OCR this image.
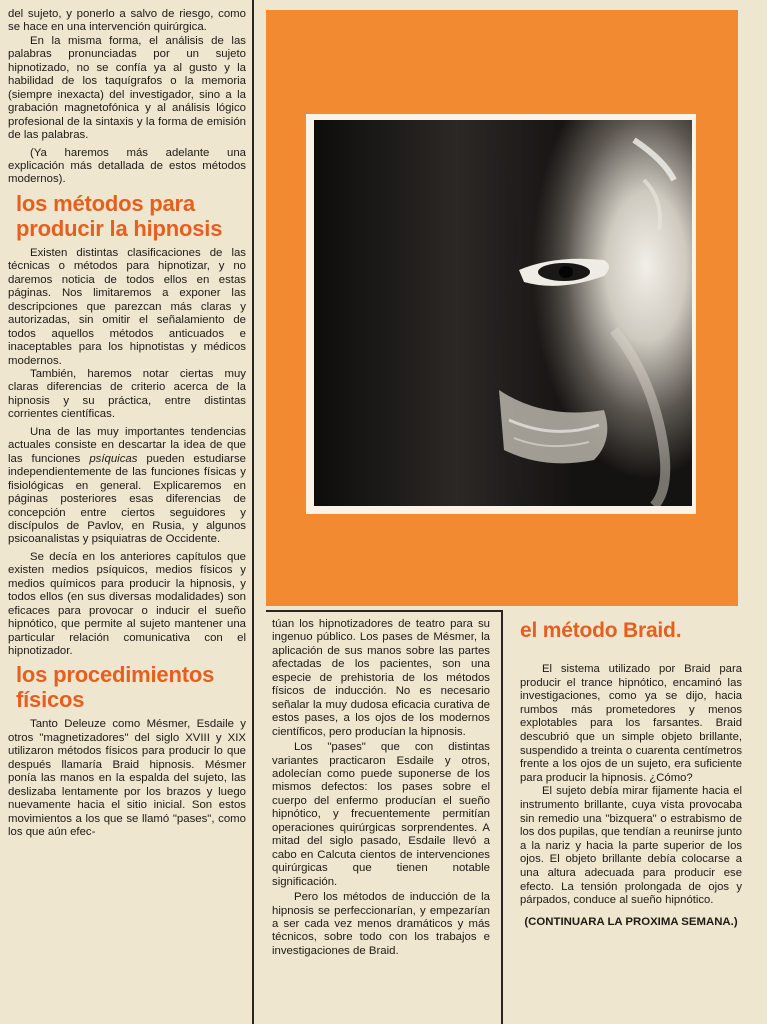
del sujeto, y ponerlo a salvo de riesgo, como se hace en una intervención quirúrgica.

En la misma forma, el análisis de las palabras pronunciadas por un sujeto hipnotizado, no se confía ya al gusto y la habilidad de los taquígrafos o la memoria (siempre inexacta) del investigador, sino a la grabación magnetofónica y al análisis lógico profesional de la sintaxis y la forma de emisión de las palabras.

(Ya haremos más adelante una explicación más detallada de estos métodos modernos).

los métodos para producir la hipnosis

Existen distintas clasificaciones de las técnicas o métodos para hipnotizar, y no daremos noticia de todos ellos en estas páginas. Nos limitaremos a exponer las descripciones que parezcan más claras y autorizadas, sin omitir el señalamiento de todos aquellos métodos anticuados e inaceptables para los hipnotistas y médicos modernos.

También, haremos notar ciertas muy claras diferencias de criterio acerca de la hipnosis y su práctica, entre distintas corrientes científicas.

Una de las muy importantes tendencias actuales consiste en descartar la idea de que las funciones psíquicas pueden estudiarse independientemente de las funciones físicas y fisiológicas en general. Explicaremos en páginas posteriores esas diferencias de concepción entre ciertos seguidores y discípulos de Pavlov, en Rusia, y algunos psicoanalistas y psiquiatras de Occidente.

Se decía en los anteriores capítulos que existen medios psíquicos, medios físicos y medios químicos para producir la hipnosis, y todos ellos (en sus diversas modalidades) son eficaces para provocar o inducir el sueño hipnótico, que permite al sujeto mantener una particular relación comunicativa con el hipnotizador.

los procedimientos físicos

Tanto Deleuze como Mésmer, Esdaile y otros "magnetizadores" del siglo XVIII y XIX utilizaron métodos físicos para producir lo que después llamaría Braid hipnosis. Mésmer ponía las manos en la espalda del sujeto, las deslizaba lentamente por los brazos y luego nuevamente hacia el sitio inicial. Son estos movimientos a los que se llamó "pases", como los que aún efec-

túan los hipnotizadores de teatro para su ingenuo público. Los pases de Mésmer, la aplicación de sus manos sobre las partes afectadas de los pacientes, son una especie de prehistoria de los métodos físicos de inducción. No es necesario señalar la muy dudosa eficacia curativa de estos pases, a los ojos de los modernos científicos, pero producían la hipnosis.

Los "pases" que con distintas variantes practicaron Esdaile y otros, adolecían como puede suponerse de los mismos defectos: los pases sobre el cuerpo del enfermo producían el sueño hipnótico, y frecuentemente permitían operaciones quirúrgicas sorprendentes. A mitad del siglo pasado, Esdaile llevó a cabo en Calcuta cientos de intervenciones quirúrgicas que tienen notable significación.

Pero los métodos de inducción de la hipnosis se perfeccionarían, y empezarían a ser cada vez menos dramáticos y más técnicos, sobre todo con los trabajos e investigaciones de Braid.

el método Braid.

El sistema utilizado por Braid para producir el trance hipnótico, encaminó las investigaciones, como ya se dijo, hacia rumbos más prometedores y menos explotables para los farsantes. Braid descubrió que un simple objeto brillante, suspendido a treinta o cuarenta centímetros frente a los ojos de un sujeto, era suficiente para producir la hipnosis. ¿Cómo?

El sujeto debía mirar fijamente hacia el instrumento brillante, cuya vista provocaba sin remedio una "bizquera" o estrabismo de los dos pupilas, que tendían a reunirse junto a la nariz y hacia la parte superior de los ojos. El objeto brillante debía colocarse a una altura adecuada para producir ese efecto. La tensión prolongada de ojos y párpados, conduce al sueño hipnótico.

(CONTINUARA LA PROXIMA SEMANA.)
